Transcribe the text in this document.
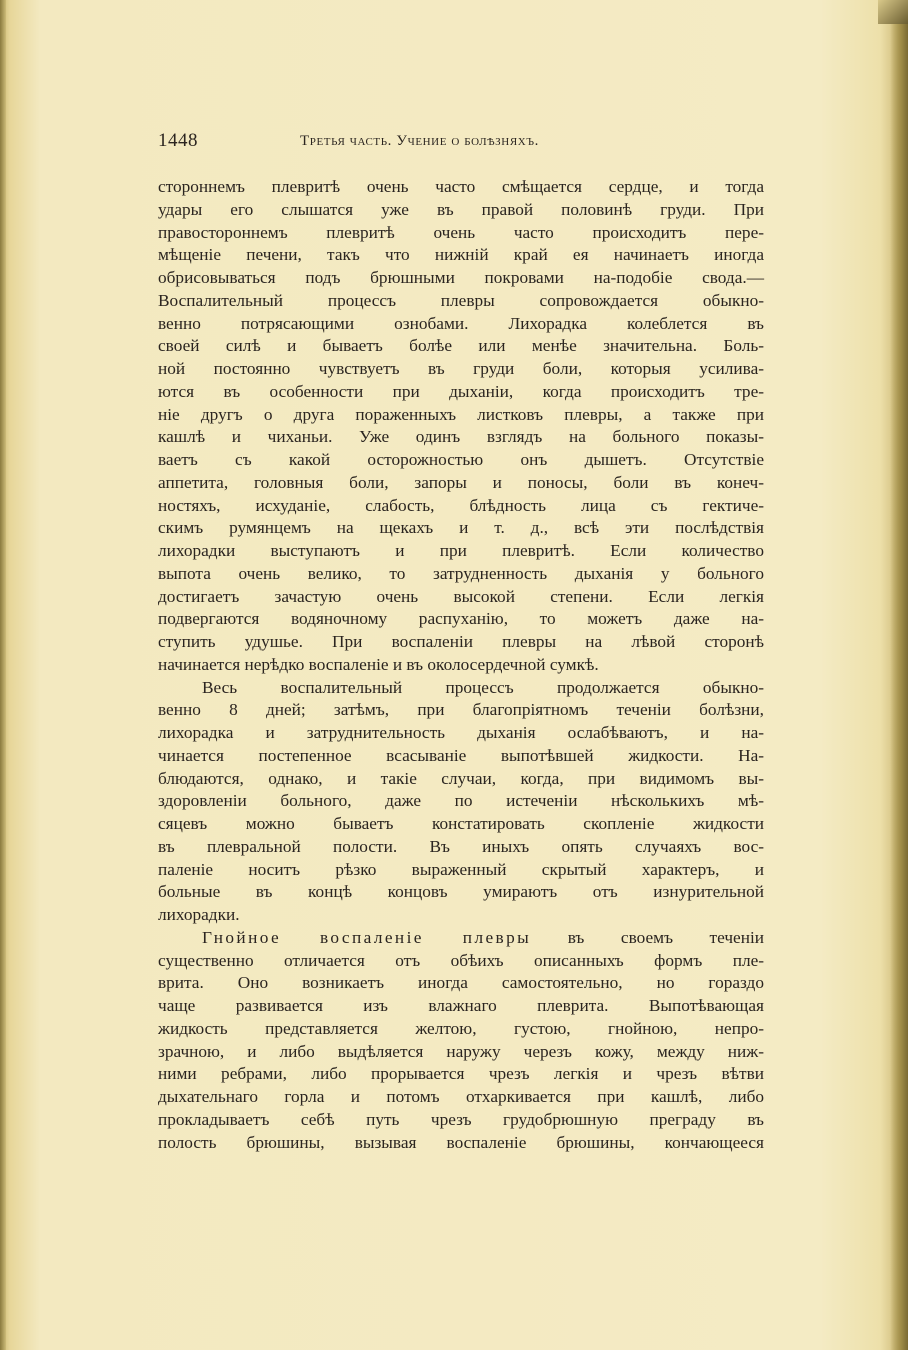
1448	Третья часть. Учение о болѣзняхъ.
стороннемъ плевритѣ очень часто смѣщается сердце, и тогда
удары его слышатся уже въ правой половинѣ груди. При
правостороннемъ плевритѣ очень часто происходитъ пере-
мѣщеніе печени, такъ что нижній край ея начинаетъ иногда
обрисовываться подъ брюшными покровами на-подобіе свода.—
Воспалительный процессъ плевры сопровождается обыкно-
венно потрясающими ознобами. Лихорадка колеблется въ
своей силѣ и бываетъ болѣе или менѣе значительна. Боль-
ной постоянно чувствуетъ въ груди боли, которыя усилива-
ются въ особенности при дыханіи, когда происходитъ тре-
ніе другъ о друга пораженныхъ листковъ плевры, а также при
кашлѣ и чиханьи. Уже одинъ взглядъ на больного показы-
ваетъ съ какой осторожностью онъ дышетъ. Отсутствіе
аппетита, головныя боли, запоры и поносы, боли въ конеч-
ностяхъ, исхуданіе, слабость, блѣдность лица съ гектиче-
скимъ румянцемъ на щекахъ и т. д., всѣ эти послѣдствія
лихорадки выступаютъ и при плевритѣ. Если количество
выпота очень велико, то затрудненность дыханія у больного
достигаетъ зачастую очень высокой степени. Если легкія
подвергаются водяночному распуханію, то можетъ даже на-
ступить удушье. При воспаленіи плевры на лѣвой сторонѣ
начинается нерѣдко воспаленіе и въ околосердечной сумкѣ.
Весь воспалительный процессъ продолжается обыкно-
венно 8 дней; затѣмъ, при благопріятномъ теченіи болѣзни,
лихорадка и затруднительность дыханія ослабѣваютъ, и на-
чинается постепенное всасываніе выпотѣвшей жидкости. На-
блюдаются, однако, и такіе случаи, когда, при видимомъ вы-
здоровленіи больного, даже по истеченіи нѣсколькихъ мѣ-
сяцевъ можно бываетъ констатировать скопленіе жидкости
въ плевральной полости. Въ иныхъ опять случаяхъ вос-
паленіе носитъ рѣзко выраженный скрытый характеръ, и
больные въ концѣ концовъ умираютъ отъ изнурительной
лихорадки.
Гнойное воспаленіе плевры въ своемъ теченіи
существенно отличается отъ обѣихъ описанныхъ формъ пле-
врита. Оно возникаетъ иногда самостоятельно, но гораздо
чаще развивается изъ влажнаго плеврита. Выпотѣвающая
жидкость представляется желтою, густою, гнойною, непро-
зрачною, и либо выдѣляется наружу черезъ кожу, между ниж-
ними ребрами, либо прорывается чрезъ легкія и чрезъ вѣтви
дыхательнаго горла и потомъ отхаркивается при кашлѣ, либо
прокладываетъ себѣ путь чрезъ грудобрюшную преграду въ
полость брюшины, вызывая воспаленіе брюшины, кончающееся
